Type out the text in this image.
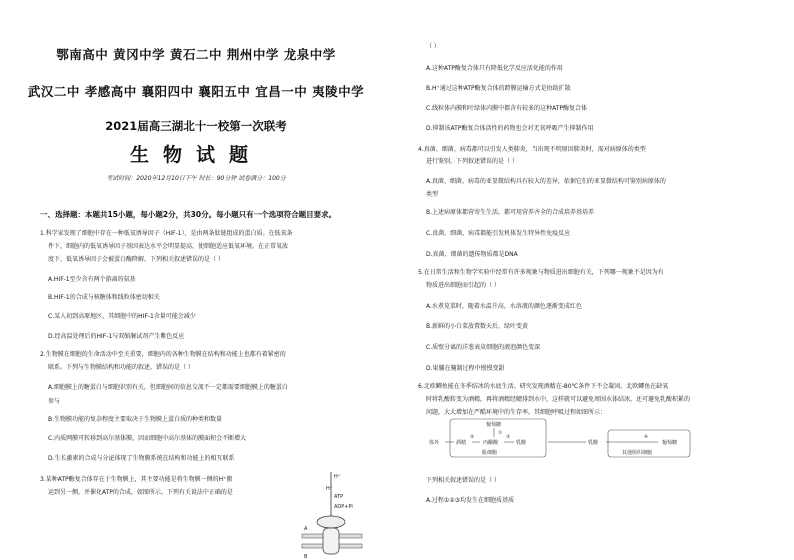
鄂南高中 黄冈中学 黄石二中 荆州中学 龙泉中学
武汉二中 孝感高中 襄阳四中 襄阳五中 宜昌一中 夷陵中学
2021届高三湖北十一校第一次联考
生物试题
考试时间：2020年12月10日下午 时长：90分钟 试卷满分：100分
一、选择题：本题共15小题，每小题2分，共30分。每小题只有一个选项符合题目要求。
1.科学家发现了细胞中存在一种低氧诱导因子（HIF-1），是由两条肽链组成的蛋白质。在低氧条
件下，细胞内的低氧诱导因子基因表达水平会明显提高，使细胞适应低氧环境。在正常氧浓
度下，低氧诱导因子会被蛋白酶降解。下列相关叙述错误的是（ ）
A.HIF-1至少含有两个游离的氨基
B.HIF-1的合成与核糖体和线粒体密切相关
C.某人初到高原地区，其细胞中的HIF-1含量可能会减少
D.经高温处理后的HIF-1与双缩脲试剂产生紫色反应
2.生物膜在细胞的生命活动中至关重要，细胞内的各种生物膜在结构和功能上也都有着紧密的
联系。下列与生物膜结构和功能的叙述，错误的是（ ）
A.细胞膜上的糖蛋白与细胞识别有关，但细胞间的信息交流不一定都需要细胞膜上的糖蛋白
参与
B.生物膜功能的复杂程度主要取决于生物膜上蛋白质的种类和数量
C.内质网膜可转移到高尔基体膜，因而细胞中高尔基体的膜面积会不断增大
D.生长激素的合成与分泌体现了生物膜系统在结构和功能上的相互联系
3.某种ATP酶复合体存在于生物膜上，其主要功能是将生物膜一侧的H⁺搬
运到另一侧，并催化ATP的合成，如图所示。下列有关说法中正确的是
H⁺
H⁺
ATP
ADP+Pi
A
B
（ ）
A.这种ATP酶复合体只有降低化学反应活化能的作用
B.H⁺通过这种ATP酶复合体的跨膜运输方式是协助扩散
C.线粒体内膜和叶绿体内膜中都含有较多的这种ATP酶复合体
D.抑制该ATP酶复合体活性的药物也会对无氧呼吸产生抑制作用
4.真菌、细菌、病毒都可以引发人类肺炎，当出现不明原因肺炎时，需对病原体的类型
进行鉴别。下列叙述错误的是（ ）
A.真菌、细菌、病毒的亚显微结构具有较大的差异，依据它们的亚显微结构可鉴别病原体的
类型
B.上述病原体都营寄生生活，都可用营养齐全的合成培养基培养
C.真菌、细菌、病毒都能引发机体发生特异性免疫反应
D.真菌、细菌的遗传物质都是DNA
5.在日常生活和生物学实验中经常有许多现象与物质进出细胞有关，下列哪一现象不是因为有
物质进出细胞而引起的（ ）
A.水煮苋菜时，随着水温升高，水溶液的颜色逐渐变成红色
B.新鲜的小白菜放置数天后，绿叶变黄
C.质壁分离的洋葱表皮细胞的液泡颜色变深
D.果脯在腌制过程中慢慢变甜
6.北欧鲫鱼能在冬季结冰的水底生活。研究发现酒精在-80℃条件下不会凝固。北欧鲫鱼在缺氧
时将乳酸转变为酒精，再将酒精经鳃排到水中，这样就可以避免周围水体结冰，还可避免乳酸积累的
问题，大大增加在严酷环境中的生存率。其细胞呼吸过程如图所示：
葡萄糖
①
体外	酒精	丙酮酸	乳酸
②	③
肌细胞
乳酸
④
葡萄糖
其他组织细胞
下列相关叙述错误的是（ ）
A.过程①②③均发生在细胞质基质
